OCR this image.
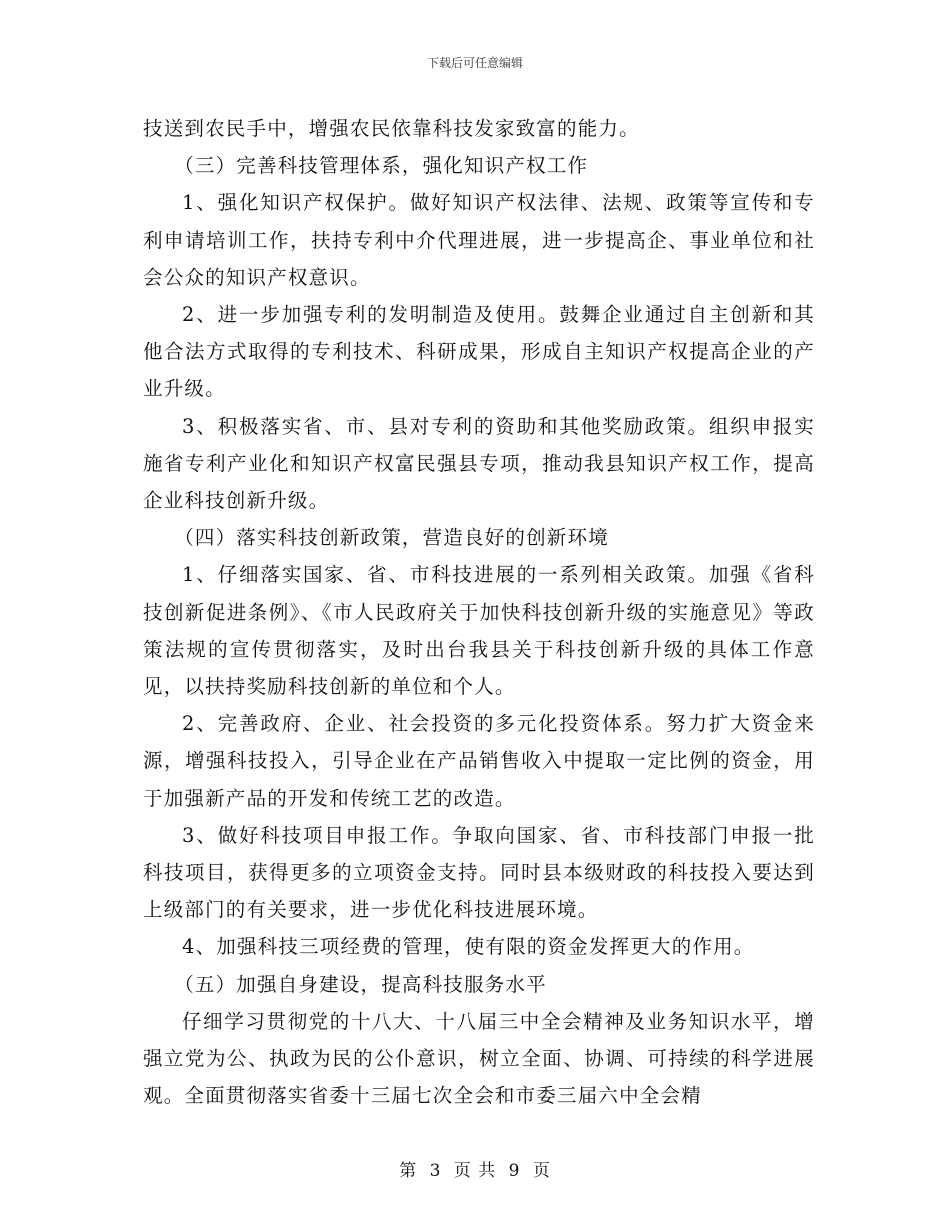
下载后可任意编辑

技送到农民手中，增强农民依靠科技发家致富的能力。

（三）完善科技管理体系，强化知识产权工作

1、强化知识产权保护。做好知识产权法律、法规、政策等宣传和专利申请培训工作，扶持专利中介代理进展，进一步提高企、事业单位和社会公众的知识产权意识。

2、进一步加强专利的发明制造及使用。鼓舞企业通过自主创新和其他合法方式取得的专利技术、科研成果，形成自主知识产权提高企业的产业升级。

3、积极落实省、市、县对专利的资助和其他奖励政策。组织申报实施省专利产业化和知识产权富民强县专项，推动我县知识产权工作，提高企业科技创新升级。

（四）落实科技创新政策，营造良好的创新环境

1、仔细落实国家、省、市科技进展的一系列相关政策。加强《省科技创新促进条例》、《市人民政府关于加快科技创新升级的实施意见》等政策法规的宣传贯彻落实，及时出台我县关于科技创新升级的具体工作意见，以扶持奖励科技创新的单位和个人。

2、完善政府、企业、社会投资的多元化投资体系。努力扩大资金来源，增强科技投入，引导企业在产品销售收入中提取一定比例的资金，用于加强新产品的开发和传统工艺的改造。

3、做好科技项目申报工作。争取向国家、省、市科技部门申报一批科技项目，获得更多的立项资金支持。同时县本级财政的科技投入要达到上级部门的有关要求，进一步优化科技进展环境。

4、加强科技三项经费的管理，使有限的资金发挥更大的作用。

（五）加强自身建设，提高科技服务水平

仔细学习贯彻党的十八大、十八届三中全会精神及业务知识水平，增强立党为公、执政为民的公仆意识，树立全面、协调、可持续的科学进展观。全面贯彻落实省委十三届七次全会和市委三届六中全会精

第 3 页 共 9 页
